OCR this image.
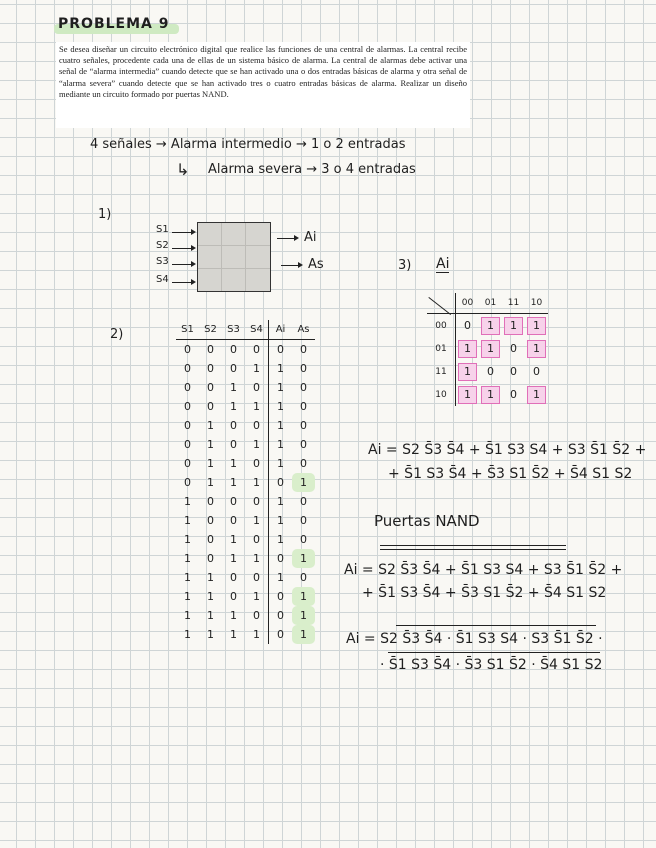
PROBLEMA 9
Se desea diseñar un circuito electrónico digital que realice las funciones de una central de alarmas. La central recibe cuatro señales, procedente cada una de ellas de un sistema básico de alarma. La central de alarmas debe activar una señal de “alarma intermedia” cuando detecte que se han activado una o dos entradas básicas de alarma y otra señal de “alarma severa” cuando detecte que se han activado tres o cuatro entradas básicas de alarma. Realizar un diseño mediante un circuito formado por puertas NAND.
4 señales → Alarma intermedio → 1 o 2 entradas
↳ Alarma severa → 3 o 4 entradas
1)
S1
S2
S3
S4
Ai
As
2)	S1	S2	S3	S4	Ai	As
0	0	0	0	0	0
0	0	0	1	1	0
0	0	1	0	1	0
0	0	1	1	1	0
0	1	0	0	1	0
0	1	0	1	1	0
0	1	1	0	1	0
0	1	1	1	0	1
1	0	0	0	1	0
1	0	0	1	1	0
1	0	1	0	1	0
1	0	1	1	0	1
1	1	0	0	1	0
1	1	0	1	0	1
1	1	1	0	0	1
1	1	1	1	0	1
3) Ai
	00	01	11	10
00	0	1	1	1
01	1	1	0	1
11	1	0	0	0
10	1	1	0	1
Ai = S2 S̄3 S̄4 + S̄1 S3 S4 + S3 S̄1 S̄2 +
+ S̄1 S3 S̄4 + S̄3 S1 S̄2 + S̄4 S1 S2
Puertas NAND
Ai = S2 S̄3 S̄4 + S̄1 S3 S4 + S3 S̄1 S̄2 +
+ S̄1 S3 S̄4 + S̄3 S1 S̄2 + S̄4 S1 S2
Ai = S2 S̄3 S̄4 · S̄1 S3 S4 · S3 S̄1 S̄2 ·
· S̄1 S3 S̄4 · S̄3 S1 S̄2 · S̄4 S1 S2
